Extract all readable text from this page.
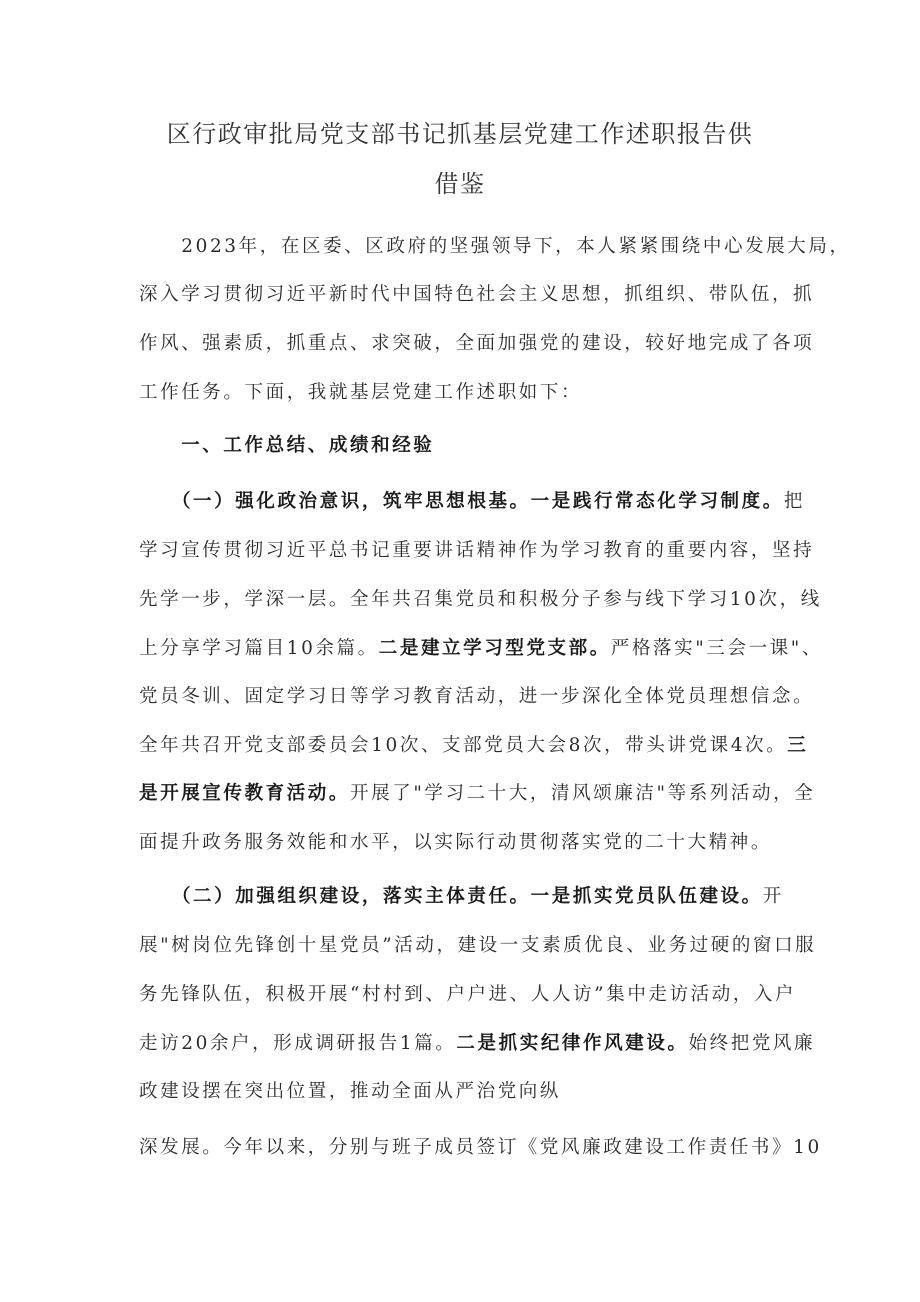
区行政审批局党支部书记抓基层党建工作述职报告供
借鉴
　　2023年，在区委、区政府的坚强领导下，本人紧紧围绕中心发展大局，
深入学习贯彻习近平新时代中国特色社会主义思想，抓组织、带队伍，抓
作风、强素质，抓重点、求突破，全面加强党的建设，较好地完成了各项
工作任务。下面，我就基层党建工作述职如下：
　　一、工作总结、成绩和经验
　　（一）强化政治意识，筑牢思想根基。一是践行常态化学习制度。把
学习宣传贯彻习近平总书记重要讲话精神作为学习教育的重要内容，坚持
先学一步，学深一层。全年共召集党员和积极分子参与线下学习10次，线
上分享学习篇目10余篇。二是建立学习型党支部。严格落实"三会一课"、
党员冬训、固定学习日等学习教育活动，进一步深化全体党员理想信念。
全年共召开党支部委员会10次、支部党员大会8次，带头讲党课4次。三
是开展宣传教育活动。开展了"学习二十大，清风颂廉洁"等系列活动，全
面提升政务服务效能和水平，以实际行动贯彻落实党的二十大精神。
　　（二）加强组织建设，落实主体责任。一是抓实党员队伍建设。开
展"树岗位先锋创十星党员”活动，建设一支素质优良、业务过硬的窗口服
务先锋队伍，积极开展“村村到、户户进、人人访”集中走访活动，入户
走访20余户，形成调研报告1篇。二是抓实纪律作风建设。始终把党风廉
政建设摆在突出位置，推动全面从严治党向纵
深发展。今年以来，分别与班子成员签订《党风廉政建设工作责任书》10
